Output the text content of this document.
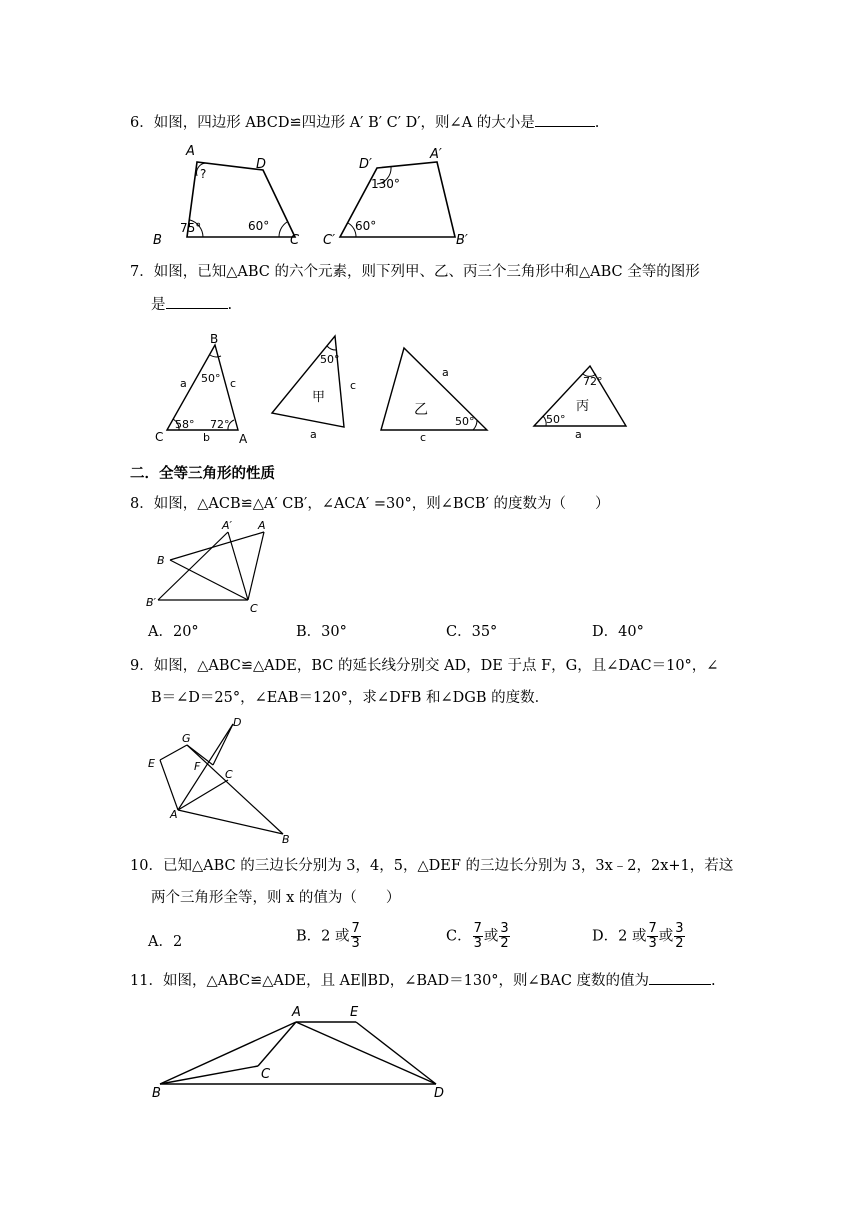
6．如图，四边形 ABCD≌四边形 A′ B′ C′ D′，则∠A 的大小是	.
A
?
D
B
75°	60°
C
D′
130°
A′
C′
60°
B′
7．如图，已知△ABC 的六个元素，则下列甲、乙、丙三个三角形中和△ABC 全等的图形
是	.
B
50°
a	c
58° 72°
C	b A
50°
甲
c
a
50°
乙
a
c
72°
丙
50°
a
二．全等三角形的性质
8．如图，△ACB≌△A′ CB′，∠ACA′ =30°，则∠BCB′ 的度数为（　　）
A′ A
B
B′	C
A．20°	B．30°	C．35°	D．40°
9．如图，△ABC≌△ADE，BC 的延长线分别交 AD，DE 于点 F，G，且∠DAC＝10°，∠
B＝∠D＝25°，∠EAB＝120°，求∠DFB 和∠DGB 的度数．
D
G
E	F
C
A
B
10．已知△ABC 的三边长分别为 3，4，5，△DEF 的三边长分别为 3，3x﹣2，2x+1，若这
两个三角形全等，则 x 的值为（　　）
A．2	B．2 或 $\frac{7}{3}$	C． $\frac{7}{3}$ 或 $\frac{3}{2}$	D．2 或 $\frac{7}{3}$ 或 $\frac{3}{2}$
11．如图，△ABC≌△ADE，且 AE∥BD，∠BAD＝130°，则∠BAC 度数的值为	.
A	E
B
C
D
